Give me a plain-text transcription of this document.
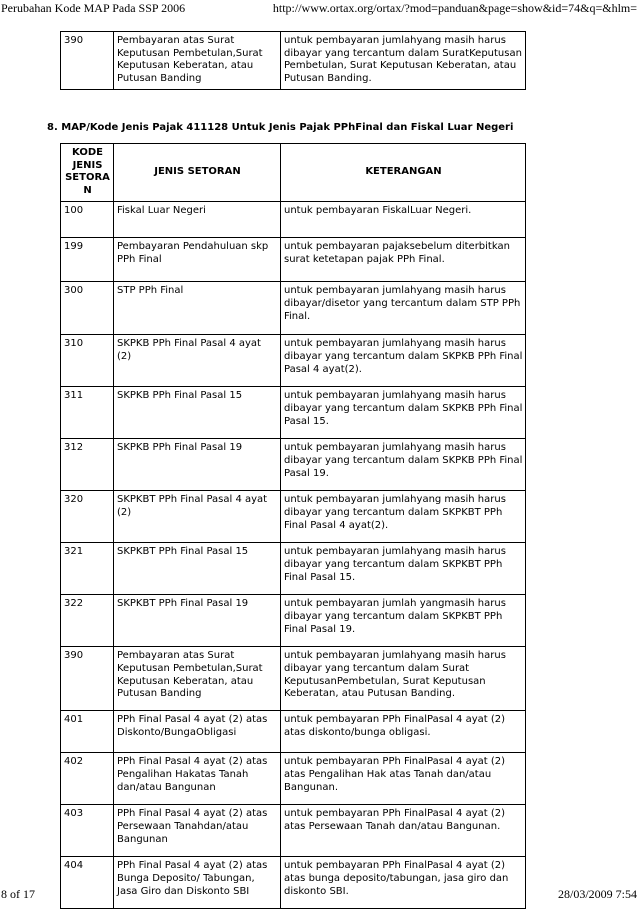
Perubahan Kode MAP Pada SSP 2006	http://www.ortax.org/ortax/?mod=panduan&page=show&id=74&q=&hlm=
390	Pembayaran atas Surat Keputusan Pembetulan,Surat Keputusan Keberatan, atau Putusan Banding	untuk pembayaran jumlahyang masih harus dibayar yang tercantum dalam SuratKeputusan Pembetulan, Surat Keputusan Keberatan, atau Putusan Banding.
8. MAP/Kode Jenis Pajak 411128 Untuk Jenis Pajak PPhFinal dan Fiskal Luar Negeri
KODE JENIS SETORAN	JENIS SETORAN	KETERANGAN
100	Fiskal Luar Negeri	untuk pembayaran FiskalLuar Negeri.
199	Pembayaran Pendahuluan skp PPh Final	untuk pembayaran pajaksebelum diterbitkan surat ketetapan pajak PPh Final.
300	STP PPh Final	untuk pembayaran jumlahyang masih harus dibayar/disetor yang tercantum dalam STP PPh Final.
310	SKPKB PPh Final Pasal 4 ayat (2)	untuk pembayaran jumlahyang masih harus dibayar yang tercantum dalam SKPKB PPh Final Pasal 4 ayat(2).
311	SKPKB PPh Final Pasal 15	untuk pembayaran jumlahyang masih harus dibayar yang tercantum dalam SKPKB PPh Final Pasal 15.
312	SKPKB PPh Final Pasal 19	untuk pembayaran jumlahyang masih harus dibayar yang tercantum dalam SKPKB PPh Final Pasal 19.
320	SKPKBT PPh Final Pasal 4 ayat (2)	untuk pembayaran jumlahyang masih harus dibayar yang tercantum dalam SKPKBT PPh Final Pasal 4 ayat(2).
321	SKPKBT PPh Final Pasal 15	untuk pembayaran jumlahyang masih harus dibayar yang tercantum dalam SKPKBT PPh Final Pasal 15.
322	SKPKBT PPh Final Pasal 19	untuk pembayaran jumlah yangmasih harus dibayar yang tercantum dalam SKPKBT PPh Final Pasal 19.
390	Pembayaran atas Surat Keputusan Pembetulan,Surat Keputusan Keberatan, atau Putusan Banding	untuk pembayaran jumlahyang masih harus dibayar yang tercantum dalam Surat KeputusanPembetulan, Surat Keputusan Keberatan, atau Putusan Banding.
401	PPh Final Pasal 4 ayat (2) atas Diskonto/BungaObligasi	untuk pembayaran PPh FinalPasal 4 ayat (2) atas diskonto/bunga obligasi.
402	PPh Final Pasal 4 ayat (2) atas Pengalihan Hakatas Tanah dan/atau Bangunan	untuk pembayaran PPh FinalPasal 4 ayat (2) atas Pengalihan Hak atas Tanah dan/atau Bangunan.
403	PPh Final Pasal 4 ayat (2) atas Persewaan Tanahdan/atau Bangunan	untuk pembayaran PPh FinalPasal 4 ayat (2) atas Persewaan Tanah dan/atau Bangunan.
404	PPh Final Pasal 4 ayat (2) atas Bunga Deposito/ Tabungan, Jasa Giro dan Diskonto SBI	untuk pembayaran PPh FinalPasal 4 ayat (2) atas bunga deposito/tabungan, jasa giro dan diskonto SBI.
8 of 17	28/03/2009 7:54
